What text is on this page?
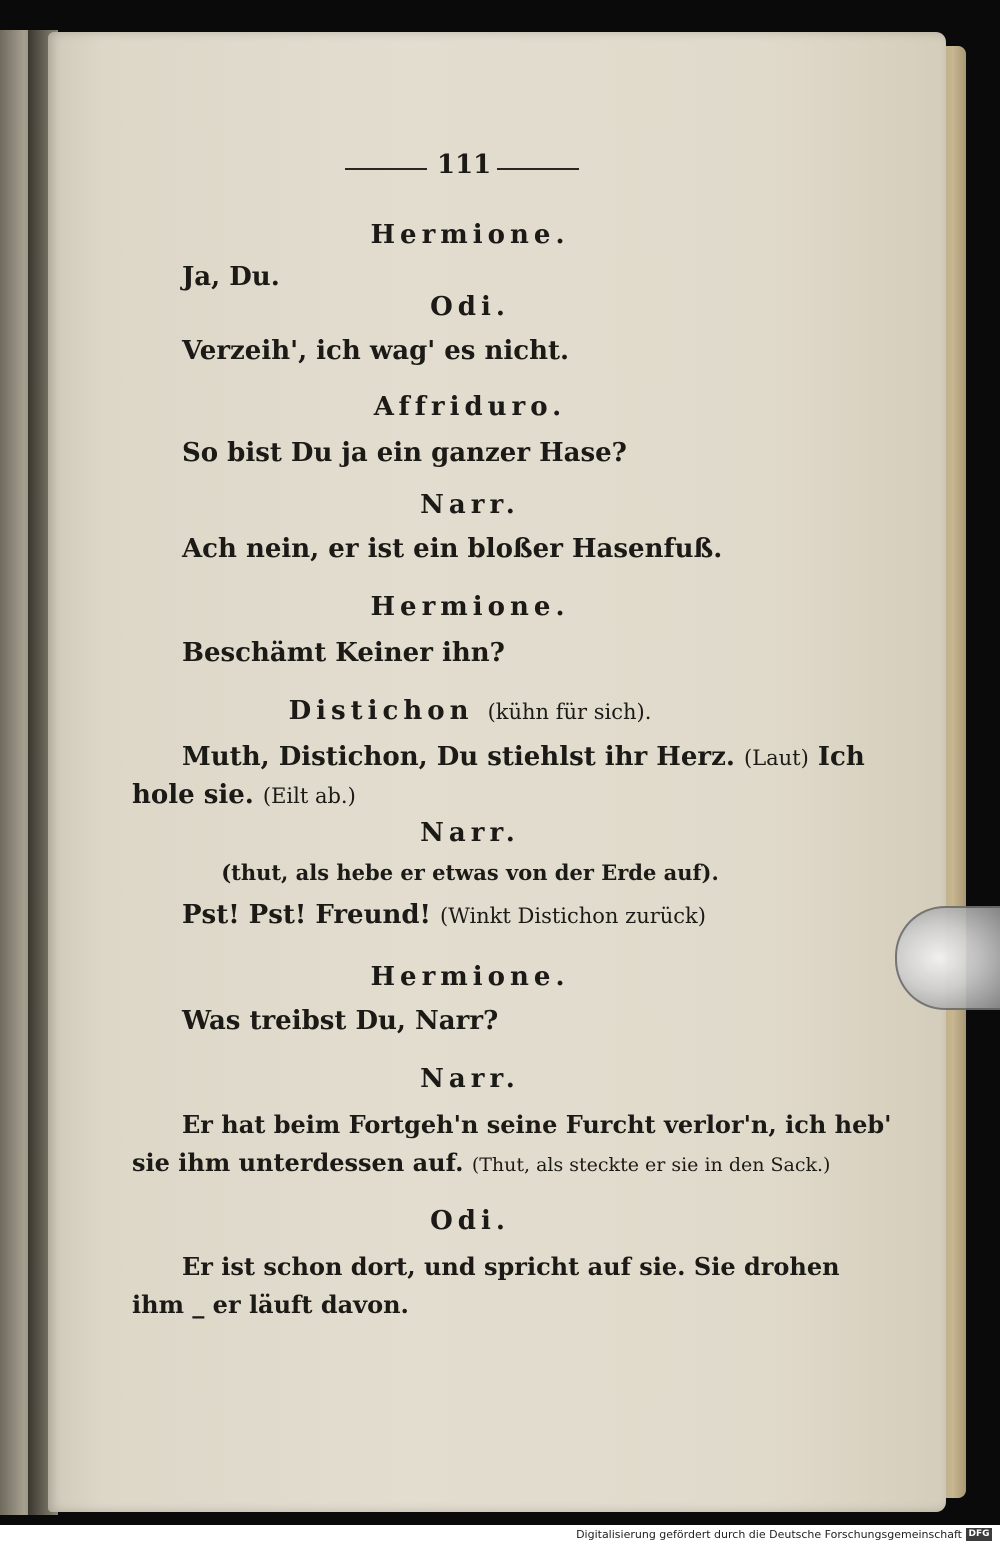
111
Hermione.
Ja, Du.
Odi.
Verzeih', ich wag' es nicht.
Affriduro.
So bist Du ja ein ganzer Hase?
Narr.
Ach nein, er ist ein bloßer Hasenfuß.
Hermione.
Beschämt Keiner ihn?
Distichon (kühn für sich).
Muth, Distichon, Du stiehlst ihr Herz. (Laut) Ich
hole sie. (Eilt ab.)
Narr.
(thut, als hebe er etwas von der Erde auf).
Pst! Pst! Freund! (Winkt Distichon zurück)
Hermione.
Was treibst Du, Narr?
Narr.
Er hat beim Fortgeh'n seine Furcht verlor'n, ich heb'
sie ihm unterdessen auf. (Thut, als steckte er sie in den Sack.)
Odi.
Er ist schon dort, und spricht auf sie. Sie drohen
ihm _ er läuft davon.
Digitalisierung gefördert durch die Deutsche Forschungsgemeinschaft DFG
